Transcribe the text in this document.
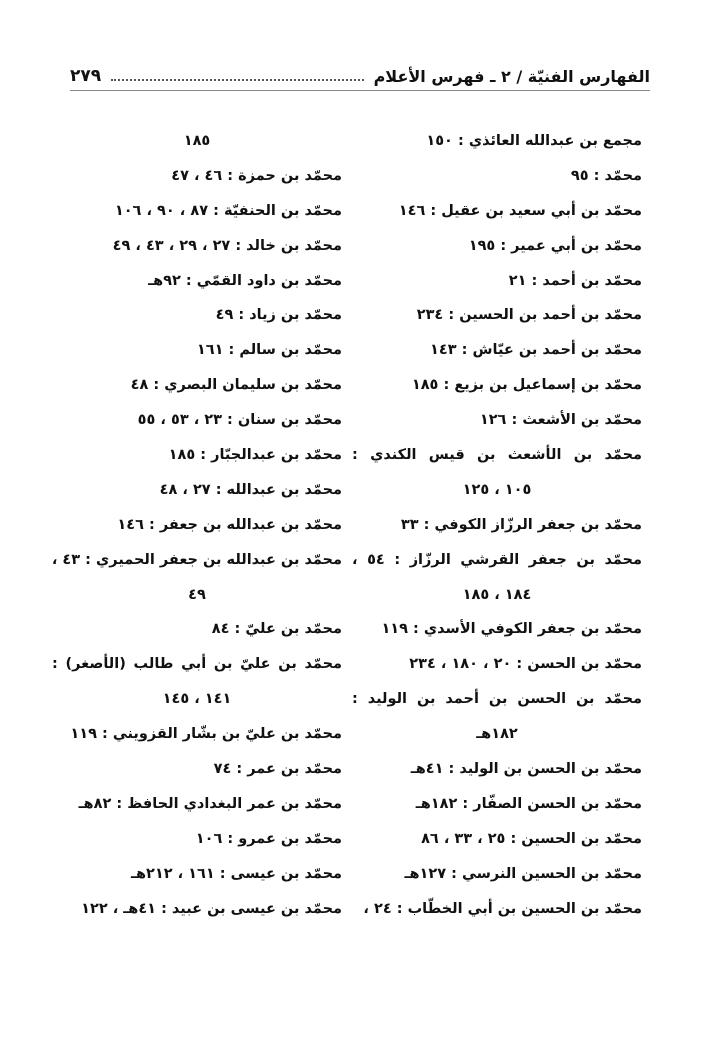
الفهارس الفنيّة / ٢ ـ فهرس الأعلام
٢٧٩
مجمع بن عبدالله العائذي : ١٥٠
محمّد : ٩٥
محمّد بن أبي سعيد بن عقيل : ١٤٦
محمّد بن أبي عمير : ١٩٥
محمّد بن أحمد : ٢١
محمّد بن أحمد بن الحسين : ٢٣٤
محمّد بن أحمد بن عيّاش : ١٤٣
محمّد بن إسماعيل بن بزيع : ١٨٥
محمّد بن الأشعث : ١٢٦
محمّد بن الأشعث بن قيس الكندي :
١٠٥ ، ١٢٥
محمّد بن جعفر الرزّاز الكوفي : ٣٣
محمّد بن جعفر القرشي الرزّاز : ٥٤ ،
١٨٤ ، ١٨٥
محمّد بن جعفر الكوفي الأسدي : ١١٩
محمّد بن الحسن : ٢٠ ، ١٨٠ ، ٢٣٤
محمّد بن الحسن بن أحمد بن الوليد :
١٨٢هـ
محمّد بن الحسن بن الوليد : ٤١هـ
محمّد بن الحسن الصفّار : ١٨٢هـ
محمّد بن الحسين : ٢٥ ، ٣٣ ، ٨٦
محمّد بن الحسين النرسي : ١٢٧هـ
محمّد بن الحسين بن أبي الخطّاب : ٢٤ ،
١٨٥
محمّد بن حمزة : ٤٦ ، ٤٧
محمّد بن الحنفيّة : ٨٧ ، ٩٠ ، ١٠٦
محمّد بن خالد : ٢٧ ، ٢٩ ، ٤٣ ، ٤٩
محمّد بن داود القمّي : ٩٢هـ
محمّد بن زياد : ٤٩
محمّد بن سالم : ١٦١
محمّد بن سليمان البصري : ٤٨
محمّد بن سنان : ٢٣ ، ٥٣ ، ٥٥
محمّد بن عبدالجبّار : ١٨٥
محمّد بن عبدالله : ٢٧ ، ٤٨
محمّد بن عبدالله بن جعفر : ١٤٦
محمّد بن عبدالله بن جعفر الحميري : ٤٣ ،
٤٩
محمّد بن عليّ : ٨٤
محمّد بن عليّ بن أبي طالب (الأصغر) :
١٤١ ، ١٤٥
محمّد بن عليّ بن بشّار القزويني : ١١٩
محمّد بن عمر : ٧٤
محمّد بن عمر البغدادي الحافظ : ٨٢هـ
محمّد بن عمرو : ١٠٦
محمّد بن عيسى : ١٦١ ، ٢١٢هـ
محمّد بن عيسى بن عبيد : ٤١هـ ، ١٢٢
